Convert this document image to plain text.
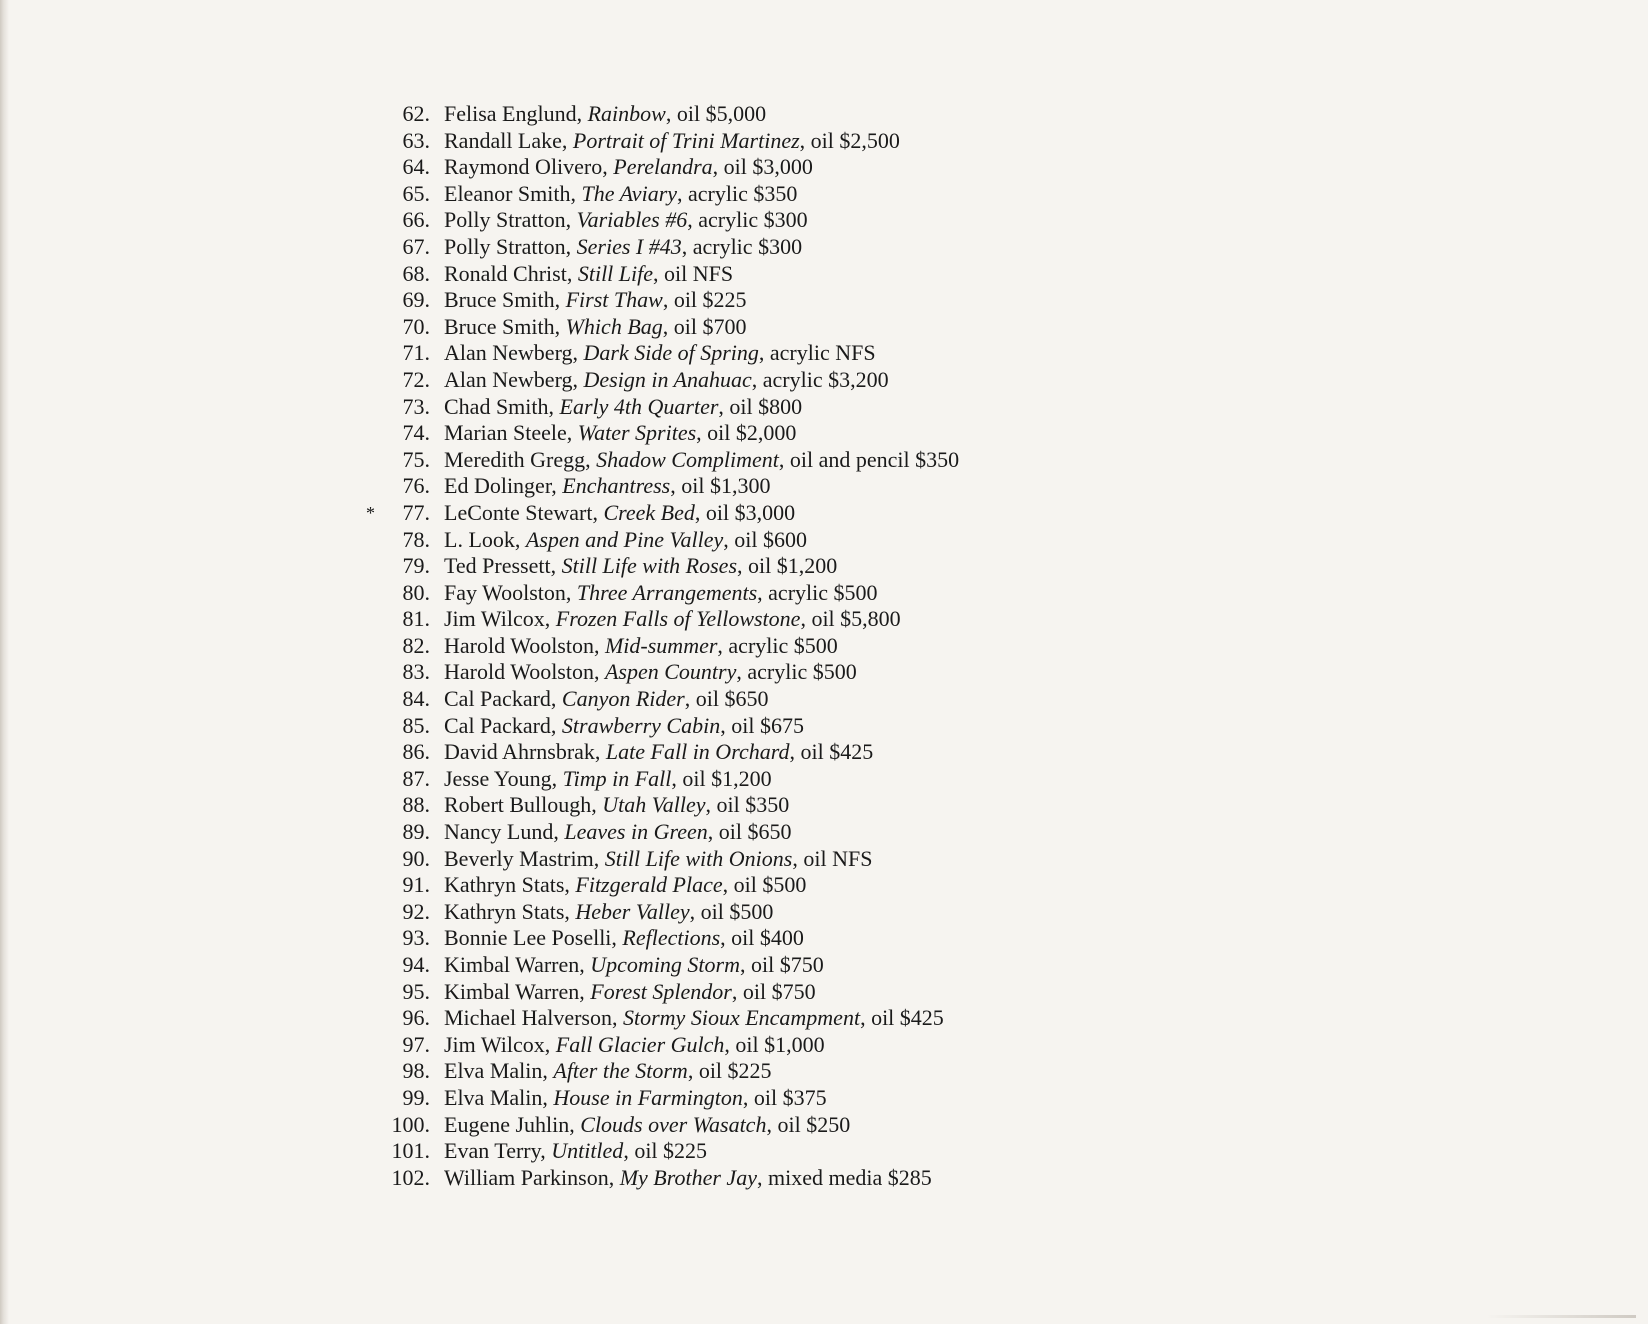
62. Felisa Englund, Rainbow, oil $5,000
63. Randall Lake, Portrait of Trini Martinez, oil $2,500
64. Raymond Olivero, Perelandra, oil $3,000
65. Eleanor Smith, The Aviary, acrylic $350
66. Polly Stratton, Variables #6, acrylic $300
67. Polly Stratton, Series I #43, acrylic $300
68. Ronald Christ, Still Life, oil NFS
69. Bruce Smith, First Thaw, oil $225
70. Bruce Smith, Which Bag, oil $700
71. Alan Newberg, Dark Side of Spring, acrylic NFS
72. Alan Newberg, Design in Anahuac, acrylic $3,200
73. Chad Smith, Early 4th Quarter, oil $800
74. Marian Steele, Water Sprites, oil $2,000
75. Meredith Gregg, Shadow Compliment, oil and pencil $350
76. Ed Dolinger, Enchantress, oil $1,300
* 77. LeConte Stewart, Creek Bed, oil $3,000
78. L. Look, Aspen and Pine Valley, oil $600
79. Ted Pressett, Still Life with Roses, oil $1,200
80. Fay Woolston, Three Arrangements, acrylic $500
81. Jim Wilcox, Frozen Falls of Yellowstone, oil $5,800
82. Harold Woolston, Mid-summer, acrylic $500
83. Harold Woolston, Aspen Country, acrylic $500
84. Cal Packard, Canyon Rider, oil $650
85. Cal Packard, Strawberry Cabin, oil $675
86. David Ahrnsbrak, Late Fall in Orchard, oil $425
87. Jesse Young, Timp in Fall, oil $1,200
88. Robert Bullough, Utah Valley, oil $350
89. Nancy Lund, Leaves in Green, oil $650
90. Beverly Mastrim, Still Life with Onions, oil NFS
91. Kathryn Stats, Fitzgerald Place, oil $500
92. Kathryn Stats, Heber Valley, oil $500
93. Bonnie Lee Poselli, Reflections, oil $400
94. Kimbal Warren, Upcoming Storm, oil $750
95. Kimbal Warren, Forest Splendor, oil $750
96. Michael Halverson, Stormy Sioux Encampment, oil $425
97. Jim Wilcox, Fall Glacier Gulch, oil $1,000
98. Elva Malin, After the Storm, oil $225
99. Elva Malin, House in Farmington, oil $375
100. Eugene Juhlin, Clouds over Wasatch, oil $250
101. Evan Terry, Untitled, oil $225
102. William Parkinson, My Brother Jay, mixed media $285
